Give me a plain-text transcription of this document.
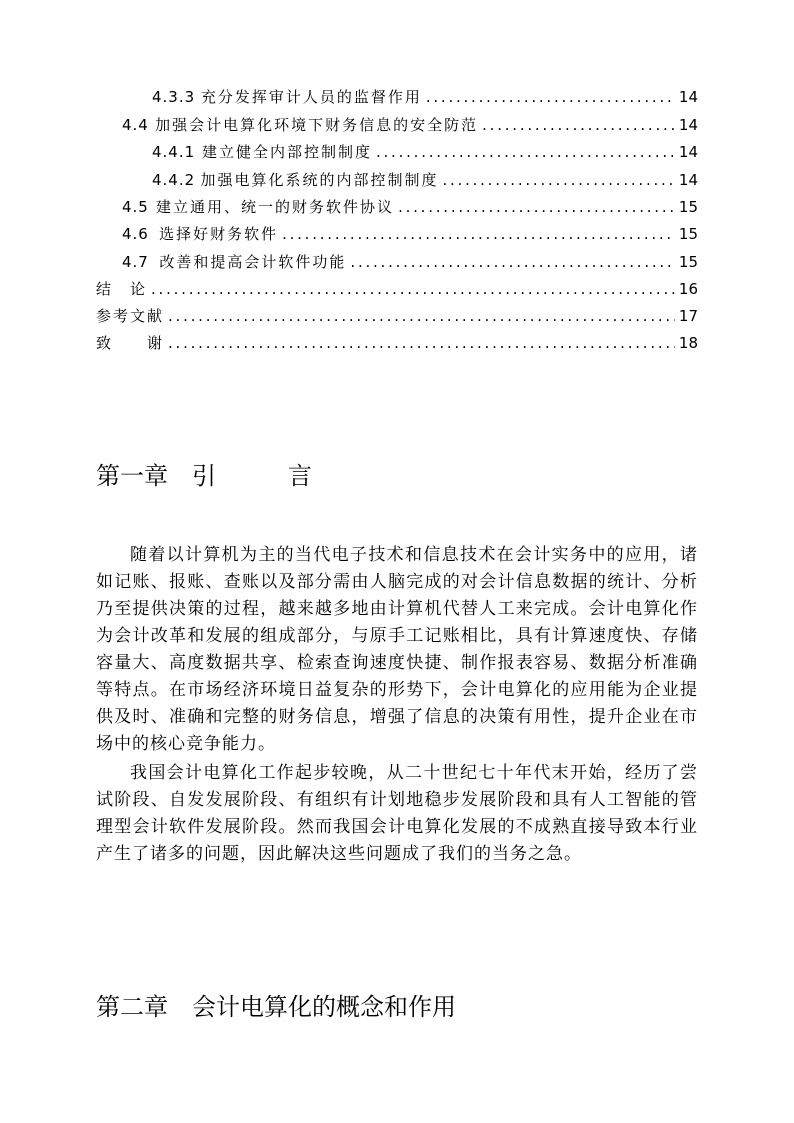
4.3.3 充分发挥审计人员的监督作用 . . .	14
4.4 加强会计电算化环境下财务信息的安全防范 . . .	14
4.4.1 建立健全内部控制制度 . . .	14
4.4.2 加强电算化系统的内部控制制度 . . .	14
4.5 建立通用、统一的财务软件协议 . . .	15
4.6 选择好财务软件 . . .	15
4.7 改善和提高会计软件功能 . . .	15
结　论 . . .	16
参考文献 . . .	17
致　　谢 . . .	18
第一章　引　　　言

随着以计算机为主的当代电子技术和信息技术在会计实务中的应用，诸如记账、报账、查账以及部分需由人脑完成的对会计信息数据的统计、分析乃至提供决策的过程，越来越多地由计算机代替人工来完成。会计电算化作为会计改革和发展的组成部分，与原手工记账相比，具有计算速度快、存储容量大、高度数据共享、检索查询速度快捷、制作报表容易、数据分析准确等特点。在市场经济环境日益复杂的形势下，会计电算化的应用能为企业提供及时、准确和完整的财务信息，增强了信息的决策有用性，提升企业在市场中的核心竞争能力。

我国会计电算化工作起步较晚，从二十世纪七十年代末开始，经历了尝试阶段、自发发展阶段、有组织有计划地稳步发展阶段和具有人工智能的管理型会计软件发展阶段。然而我国会计电算化发展的不成熟直接导致本行业产生了诸多的问题，因此解决这些问题成了我们的当务之急。

第二章　会计电算化的概念和作用
